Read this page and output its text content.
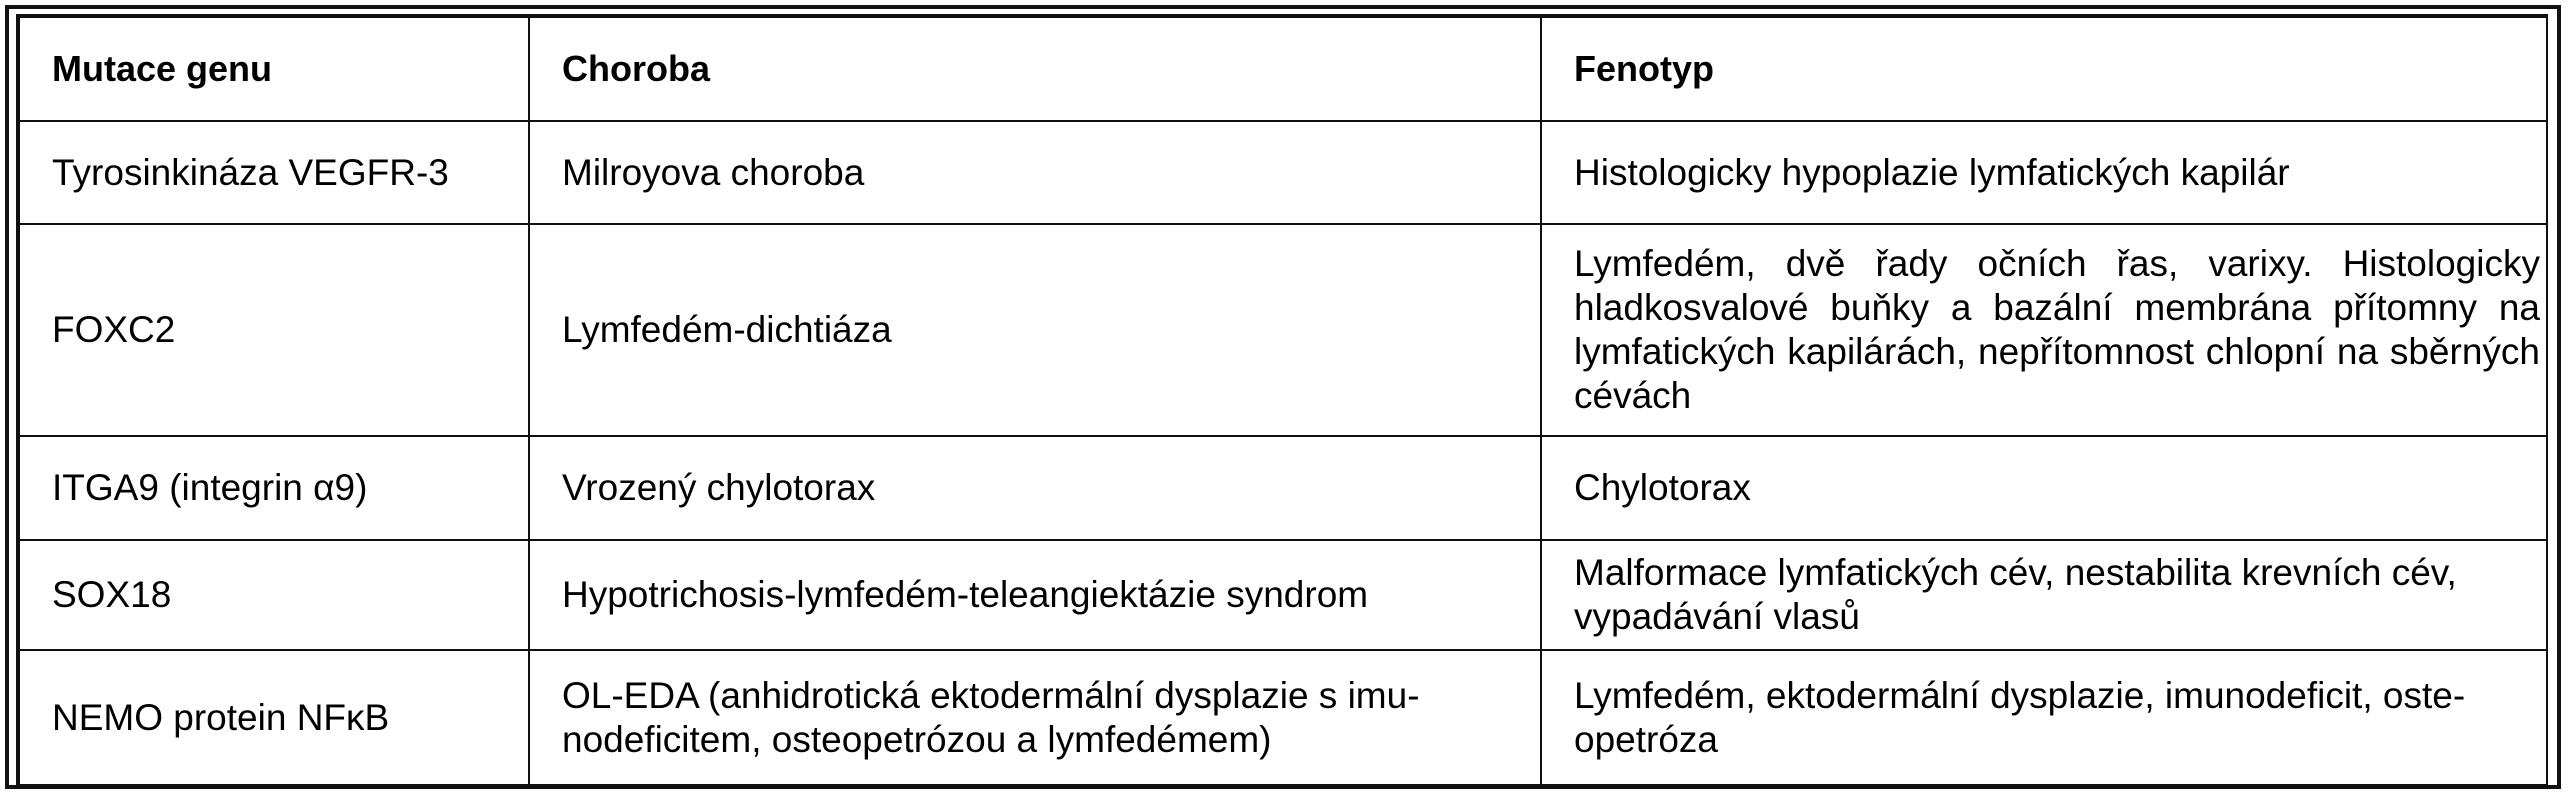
Mutace genu	Choroba	Fenotyp
Tyrosinkináza VEGFR-3	Milroyova choroba	Histologicky hypoplazie lymfatických kapilár
FOXC2	Lymfedém-dichtiáza	Lymfedém, dvě řady očních řas, varixy. Histologicky hladkosvalové buňky a bazální membrána přítomny na lymfatických kapilárách, nepřítomnost chlopní na sběrných cévách
ITGA9 (integrin α9)	Vrozený chylotorax	Chylotorax
SOX18	Hypotrichosis-lymfedém-teleangiektázie syndrom	Malformace lymfatických cév, nestabilita krevních cév, vypadávání vlasů
NEMO protein NFκB	OL-EDA (anhidrotická ektodermální dysplazie s imu-nodeficitem, osteopetrózou a lymfedémem)	Lymfedém, ektodermální dysplazie, imunodeficit, oste-opetróza
